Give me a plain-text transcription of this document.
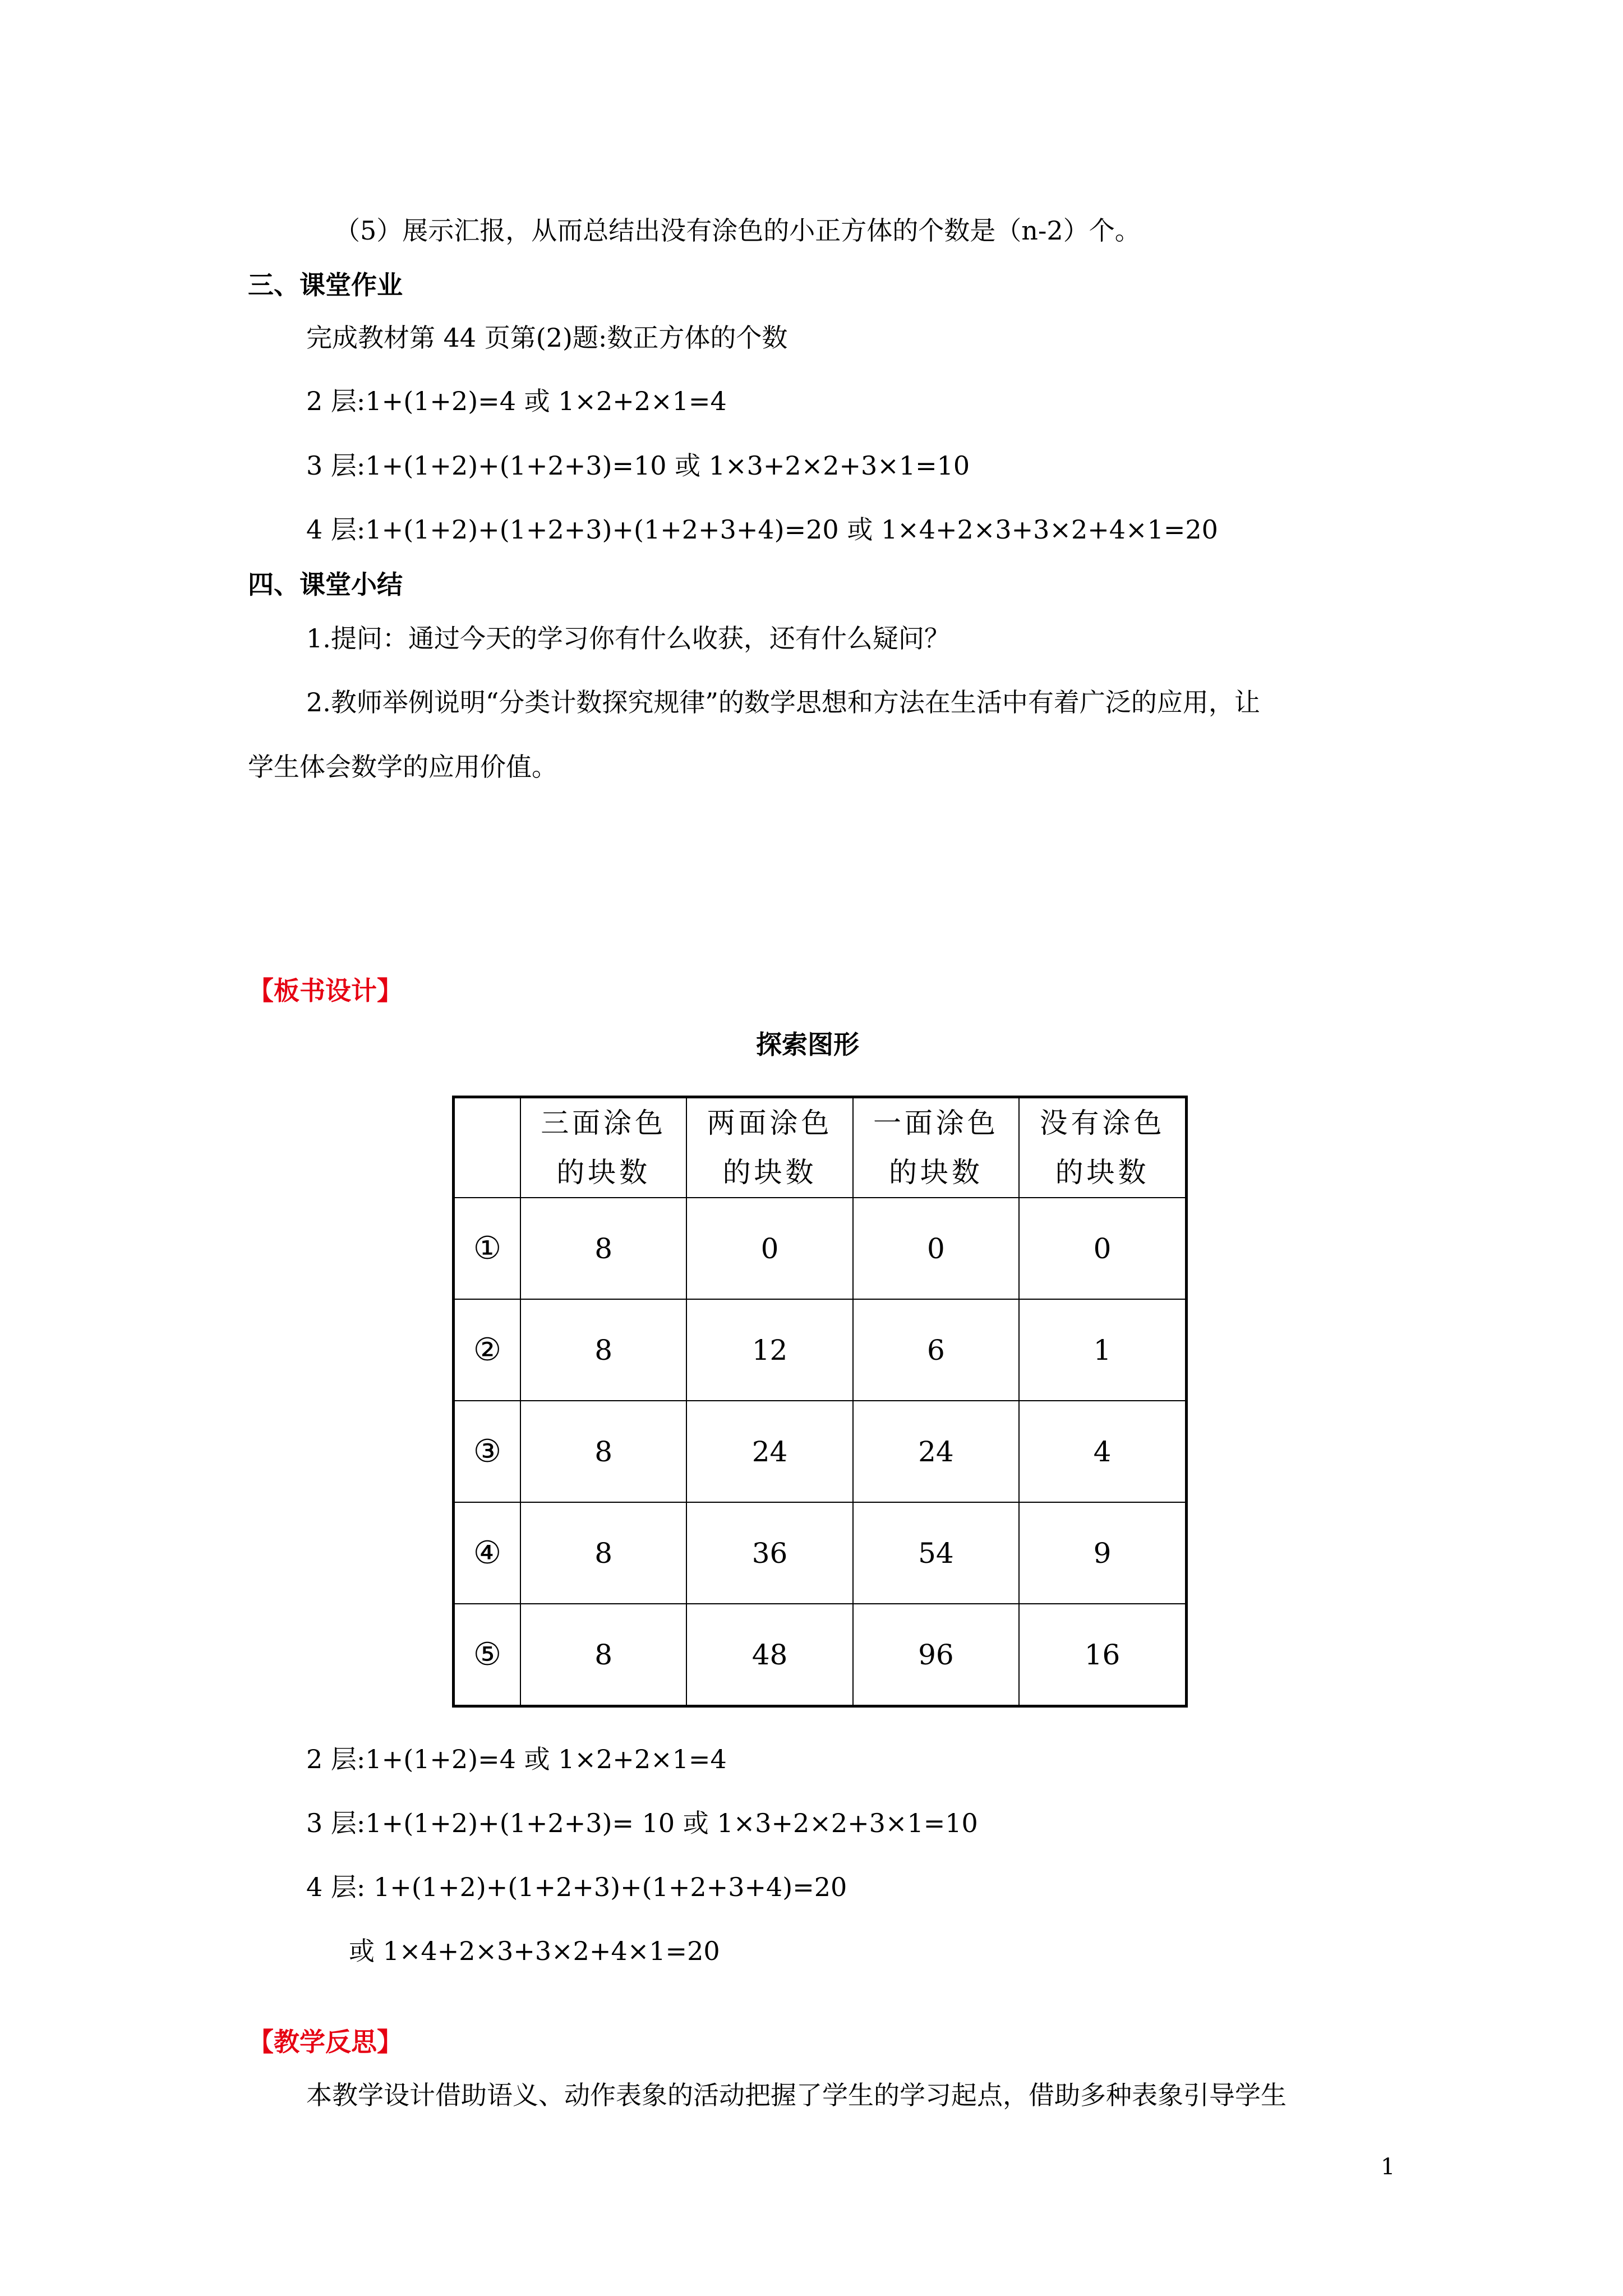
（5）展示汇报，从而总结出没有涂色的小正方体的个数是（n-2）个。
三、课堂作业
完成教材第 44 页第(2)题:数正方体的个数
2 层:1+(1+2)=4 或 1×2+2×1=4
3 层:1+(1+2)+(1+2+3)=10 或 1×3+2×2+3×1=10
4 层:1+(1+2)+(1+2+3)+(1+2+3+4)=20 或 1×4+2×3+3×2+4×1=20
四、课堂小结
1.提问：通过今天的学习你有什么收获，还有什么疑问？
2.教师举例说明“分类计数探究规律”的数学思想和方法在生活中有着广泛的应用，让
学生体会数学的应用价值。
【板书设计】
探索图形
	三面涂色
的块数	两面涂色
的块数	一面涂色
的块数	没有涂色
的块数
①	8	0	0	0
②	8	12	6	1
③	8	24	24	4
④	8	36	54	9
⑤	8	48	96	16
2 层:1+(1+2)=4 或 1×2+2×1=4
3 层:1+(1+2)+(1+2+3)= 10 或 1×3+2×2+3×1=10
4 层: 1+(1+2)+(1+2+3)+(1+2+3+4)=20
或 1×4+2×3+3×2+4×1=20
【教学反思】
本教学设计借助语义、动作表象的活动把握了学生的学习起点，借助多种表象引导学生
1
